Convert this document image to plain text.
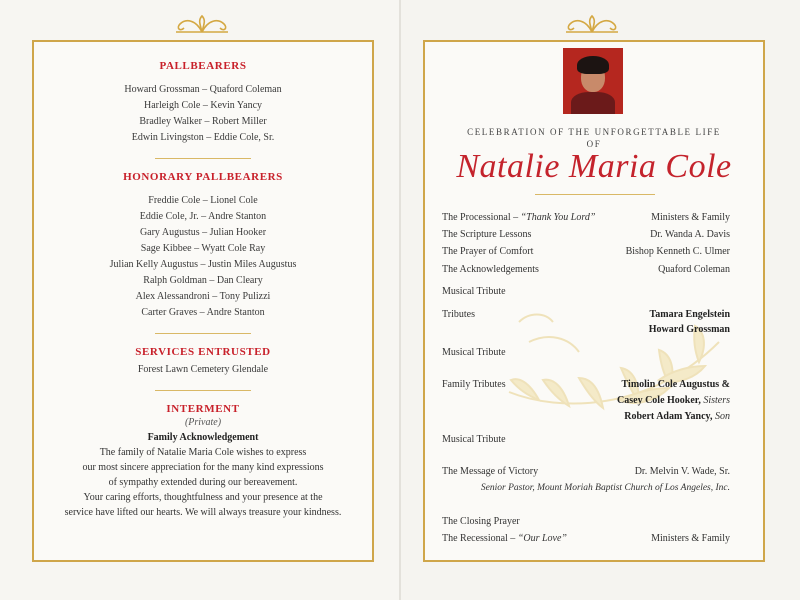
PALLBEARERS

Howard Grossman – Quaford Coleman
Harleigh Cole – Kevin Yancy
Bradley Walker – Robert Miller
Edwin Livingston – Eddie Cole, Sr.

HONORARY PALLBEARERS

Freddie Cole – Lionel Cole
Eddie Cole, Jr. – Andre Stanton
Gary Augustus – Julian Hooker
Sage Kibbee – Wyatt Cole Ray
Julian Kelly Augustus – Justin Miles Augustus
Ralph Goldman – Dan Cleary
Alex Alessandroni – Tony Pulizzi
Carter Graves – Andre Stanton

SERVICES ENTRUSTED

Forest Lawn Cemetery Glendale

INTERMENT

(Private)
Family Acknowledgement
The family of Natalie Maria Cole wishes to express
our most sincere appreciation for the many kind expressions
of sympathy extended during our bereavement.
Your caring efforts, thoughtfulness and your presence at the
service have lifted our hearts. We will always treasure your kindness.
CELEBRATION OF THE UNFORGETTABLE LIFE
OF
Natalie Maria Cole
The Processional – “Thank You Lord”	Ministers & Family
The Scripture Lessons	Dr. Wanda A. Davis
The Prayer of Comfort	Bishop Kenneth C. Ulmer
The Acknowledgements	Quaford Coleman
Musical Tribute
Tributes	Tamara Engelstein
Howard Grossman
Musical Tribute
Family Tributes	Timolin Cole Augustus &
Casey Cole Hooker, Sisters
Robert Adam Yancy, Son
Musical Tribute
The Message of Victory	Dr. Melvin V. Wade, Sr.
Senior Pastor, Mount Moriah Baptist Church of Los Angeles, Inc.
The Closing Prayer
The Recessional – “Our Love”	Ministers & Family
